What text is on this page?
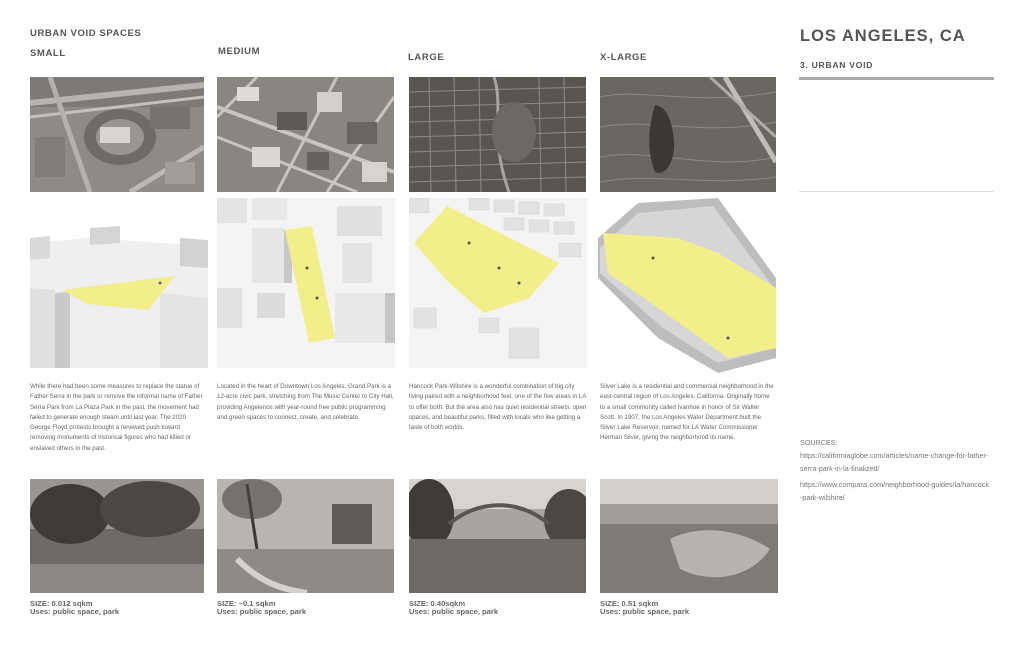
URBAN VOID SPACES
SMALL	MEDIUM
LARGE	X-LARGE
LOS ANGELES, CA
3. URBAN VOID
SOURCES:
https://californiaglobe.com/articles/name-change-for-father-serra-park-in-la-finalized/
https://www.compass.com/neighborhood-guides/la/hancock-park-wilshire/
While there had been some measures to replace the statue of Father Serra in the park or remove the informal name of Father Serra Park from La Plaza Park in the past, the movement had failed to generate enough steam until last year. The 2020 George Floyd protests brought a renewed push toward removing monuments of historical figures who had killed or enslaved others in the past.
Located in the heart of Downtown Los Angeles, Grand Park is a 12-acre civic park, stretching from The Music Center to City Hall, providing Angelenos with year-round free public programming and green spaces to connect, create, and celebrate.
Hancock Park-Wilshire is a wonderful combination of big city living paired with a neighborhood feel, one of the few areas in LA to offer both. But the area also has quiet residential streets, open spaces, and beautiful parks, filled with locals who like getting a taste of both worlds.
Silver Lake is a residential and commercial neighborhood in the east-central region of Los Angeles, California. Originally home to a small community called Ivanhoe in honor of Sir Walter Scott. In 1907, the Los Angeles Water Department built the Silver Lake Reservoir, named for LA Water Commissioner Herman Silver, giving the neighborhood its name.
SIZE: 0.012 sqkm
Uses: public space, park
SIZE: ~0.1 sqkm
Uses: public space, park
SIZE: 0.40sqkm
Uses: public space, park
SIZE: 0.51 sqkm
Uses: public space, park
